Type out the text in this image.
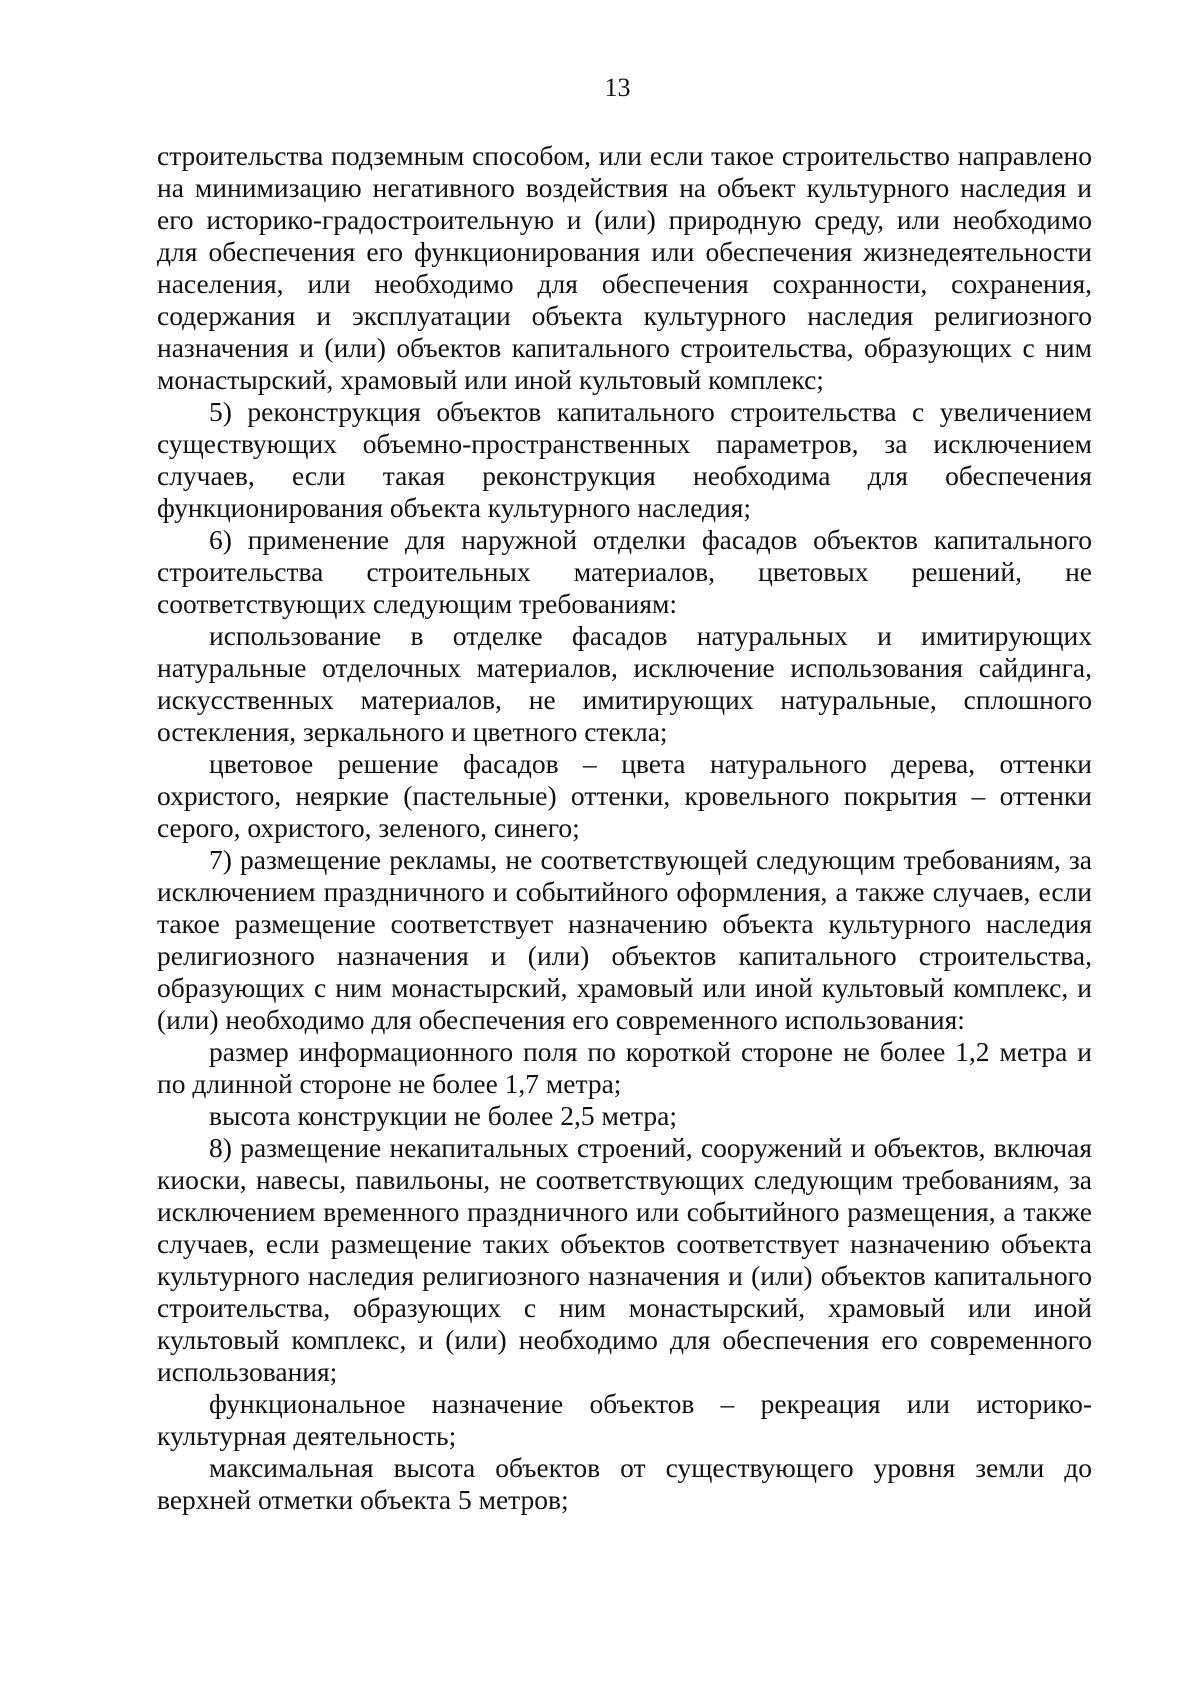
13

строительства подземным способом, или если такое строительство направлено на минимизацию негативного воздействия на объект культурного наследия и его историко-градостроительную и (или) природную среду, или необходимо для обеспечения его функционирования или обеспечения жизнедеятельности населения, или необходимо для обеспечения сохранности, сохранения, содержания и эксплуатации объекта культурного наследия религиозного назначения и (или) объектов капитального строительства, образующих с ним монастырский, храмовый или иной культовый комплекс;

5) реконструкция объектов капитального строительства с увеличением существующих объемно-пространственных параметров, за исключением случаев, если такая реконструкция необходима для обеспечения функционирования объекта культурного наследия;

6) применение для наружной отделки фасадов объектов капитального строительства строительных материалов, цветовых решений, не соответствующих следующим требованиям:

использование в отделке фасадов натуральных и имитирующих натуральные отделочных материалов, исключение использования сайдинга, искусственных материалов, не имитирующих натуральные, сплошного остекления, зеркального и цветного стекла;

цветовое решение фасадов – цвета натурального дерева, оттенки охристого, неяркие (пастельные) оттенки, кровельного покрытия – оттенки серого, охристого, зеленого, синего;

7) размещение рекламы, не соответствующей следующим требованиям, за исключением праздничного и событийного оформления, а также случаев, если такое размещение соответствует назначению объекта культурного наследия религиозного назначения и (или) объектов капитального строительства, образующих с ним монастырский, храмовый или иной культовый комплекс, и (или) необходимо для обеспечения его современного использования:

размер информационного поля по короткой стороне не более 1,2 метра и по длинной стороне не более 1,7 метра;

высота конструкции не более 2,5 метра;

8) размещение некапитальных строений, сооружений и объектов, включая киоски, навесы, павильоны, не соответствующих следующим требованиям, за исключением временного праздничного или событийного размещения, а также случаев, если размещение таких объектов соответствует назначению объекта культурного наследия религиозного назначения и (или) объектов капитального строительства, образующих с ним монастырский, храмовый или иной культовый комплекс, и (или) необходимо для обеспечения его современного использования;

функциональное назначение объектов – рекреация или историко-культурная деятельность;

максимальная высота объектов от существующего уровня земли до верхней отметки объекта 5 метров;
